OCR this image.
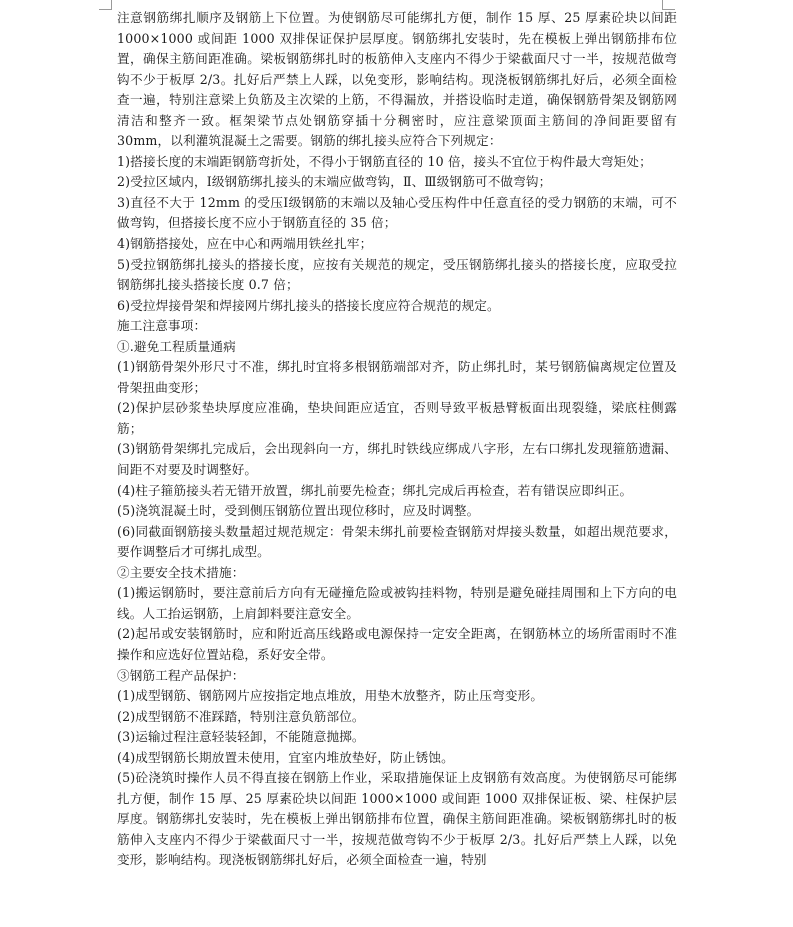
注意钢筋绑扎顺序及钢筋上下位置。为使钢筋尽可能绑扎方便，制作 15 厚、25 厚素砼块以间距 1000×1000 或间距 1000 双排保证保护层厚度。钢筋绑扎安装时，先在模板上弹出钢筋排布位置，确保主筋间距准确。梁板钢筋绑扎时的板筋伸入支座内不得少于梁截面尺寸一半，按规范做弯钩不少于板厚 2/3。扎好后严禁上人踩，以免变形，影响结构。现浇板钢筋绑扎好后，必须全面检查一遍，特别注意梁上负筋及主次梁的上筋，不得漏放，并搭设临时走道，确保钢筋骨架及钢筋网清洁和整齐一致。框架梁节点处钢筋穿插十分稠密时，应注意梁顶面主筋间的净间距要留有 30mm，以利灌筑混凝土之需要。钢筋的绑扎接头应符合下列规定：

1)搭接长度的末端距钢筋弯折处，不得小于钢筋直径的 10 倍，接头不宜位于构件最大弯矩处；

2)受拉区域内，Ⅰ级钢筋绑扎接头的末端应做弯钩，Ⅱ、Ⅲ级钢筋可不做弯钩；

3)直径不大于 12mm 的受压Ⅰ级钢筋的末端以及轴心受压构件中任意直径的受力钢筋的末端，可不做弯钩，但搭接长度不应小于钢筋直径的 35 倍；

4)钢筋搭接处，应在中心和两端用铁丝扎牢；

5)受拉钢筋绑扎接头的搭接长度，应按有关规范的规定，受压钢筋绑扎接头的搭接长度，应取受拉钢筋绑扎接头搭接长度 0.7 倍；

6)受拉焊接骨架和焊接网片绑扎接头的搭接长度应符合规范的规定。

施工注意事项：

①.避免工程质量通病

(1)钢筋骨架外形尺寸不准，绑扎时宜将多根钢筋端部对齐，防止绑扎时，某号钢筋偏离规定位置及骨架扭曲变形；

(2)保护层砂浆垫块厚度应准确，垫块间距应适宜，否则导致平板悬臂板面出现裂缝，梁底柱侧露筋；

(3)钢筋骨架绑扎完成后，会出现斜向一方，绑扎时铁线应绑成八字形，左右口绑扎发现箍筋遗漏、间距不对要及时调整好。

(4)柱子箍筋接头若无错开放置，绑扎前要先检查；绑扎完成后再检查，若有错误应即纠正。

(5)浇筑混凝土时，受到侧压钢筋位置出现位移时，应及时调整。

(6)同截面钢筋接头数量超过规范规定：骨架未绑扎前要检查钢筋对焊接头数量，如超出规范要求，要作调整后才可绑扎成型。

②主要安全技术措施：

(1)搬运钢筋时，要注意前后方向有无碰撞危险或被钩挂料物，特别是避免碰挂周围和上下方向的电线。人工抬运钢筋，上肩卸料要注意安全。

(2)起吊或安装钢筋时，应和附近高压线路或电源保持一定安全距离，在钢筋林立的场所雷雨时不准操作和应选好位置站稳，系好安全带。

③钢筋工程产品保护：

(1)成型钢筋、钢筋网片应按指定地点堆放，用垫木放整齐，防止压弯变形。

(2)成型钢筋不准踩踏，特别注意负筋部位。

(3)运输过程注意轻装轻卸，不能随意抛掷。

(4)成型钢筋长期放置未使用，宜室内堆放垫好，防止锈蚀。

(5)砼浇筑时操作人员不得直接在钢筋上作业，采取措施保证上皮钢筋有效高度。为使钢筋尽可能绑扎方便，制作 15 厚、25 厚素砼块以间距 1000×1000 或间距 1000 双排保证板、梁、柱保护层厚度。钢筋绑扎安装时，先在模板上弹出钢筋排布位置，确保主筋间距准确。梁板钢筋绑扎时的板筋伸入支座内不得少于梁截面尺寸一半，按规范做弯钩不少于板厚 2/3。扎好后严禁上人踩，以免变形，影响结构。现浇板钢筋绑扎好后，必须全面检查一遍，特别
